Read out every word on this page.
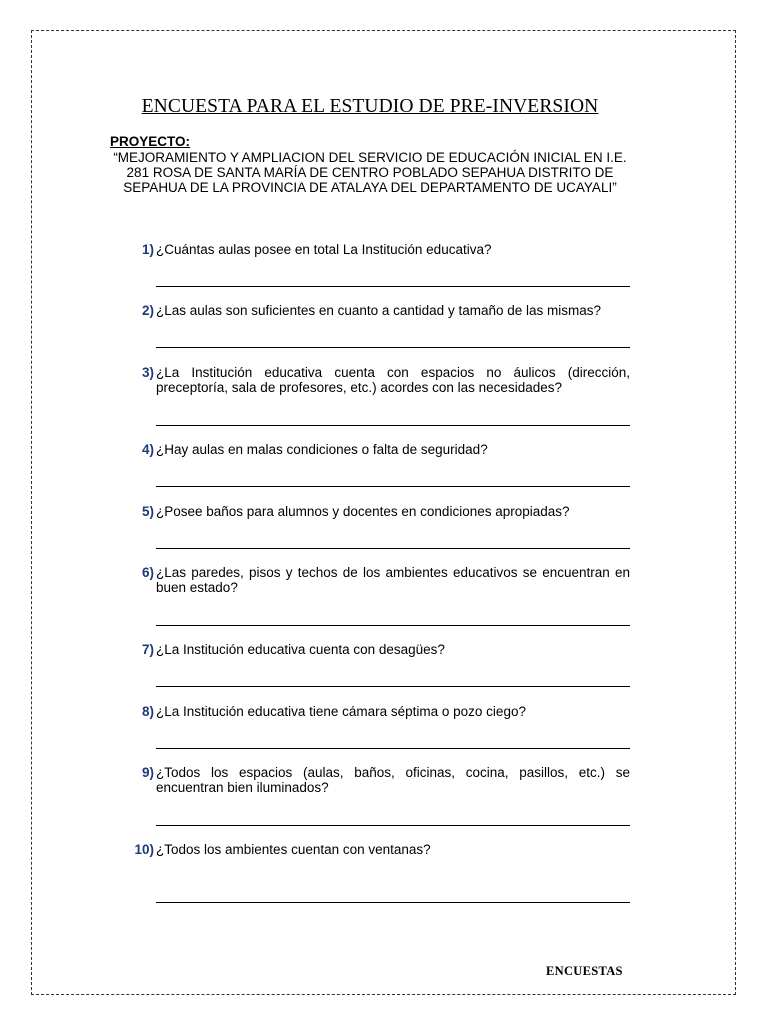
ENCUESTA PARA EL ESTUDIO DE PRE-INVERSION
PROYECTO:
“MEJORAMIENTO Y AMPLIACION DEL SERVICIO DE EDUCACIÓN INICIAL EN I.E. 281 ROSA DE SANTA MARÍA DE CENTRO POBLADO SEPAHUA DISTRITO DE SEPAHUA DE LA PROVINCIA DE ATALAYA DEL DEPARTAMENTO DE UCAYALI”
1) ¿Cuántas aulas posee en total La Institución educativa?
2) ¿Las aulas son suficientes en cuanto a cantidad y tamaño de las mismas?
3) ¿La Institución educativa cuenta con espacios no áulicos (dirección, preceptoría, sala de profesores, etc.) acordes con las necesidades?
4) ¿Hay aulas en malas condiciones o falta de seguridad?
5) ¿Posee baños para alumnos y docentes en condiciones apropiadas?
6) ¿Las paredes, pisos y techos de los ambientes educativos se encuentran en buen estado?
7) ¿La Institución educativa cuenta con desagües?
8) ¿La Institución educativa tiene cámara séptima o pozo ciego?
9) ¿Todos los espacios (aulas, baños, oficinas, cocina, pasillos, etc.) se encuentran bien iluminados?
10) ¿Todos los ambientes cuentan con ventanas?
ENCUESTAS
